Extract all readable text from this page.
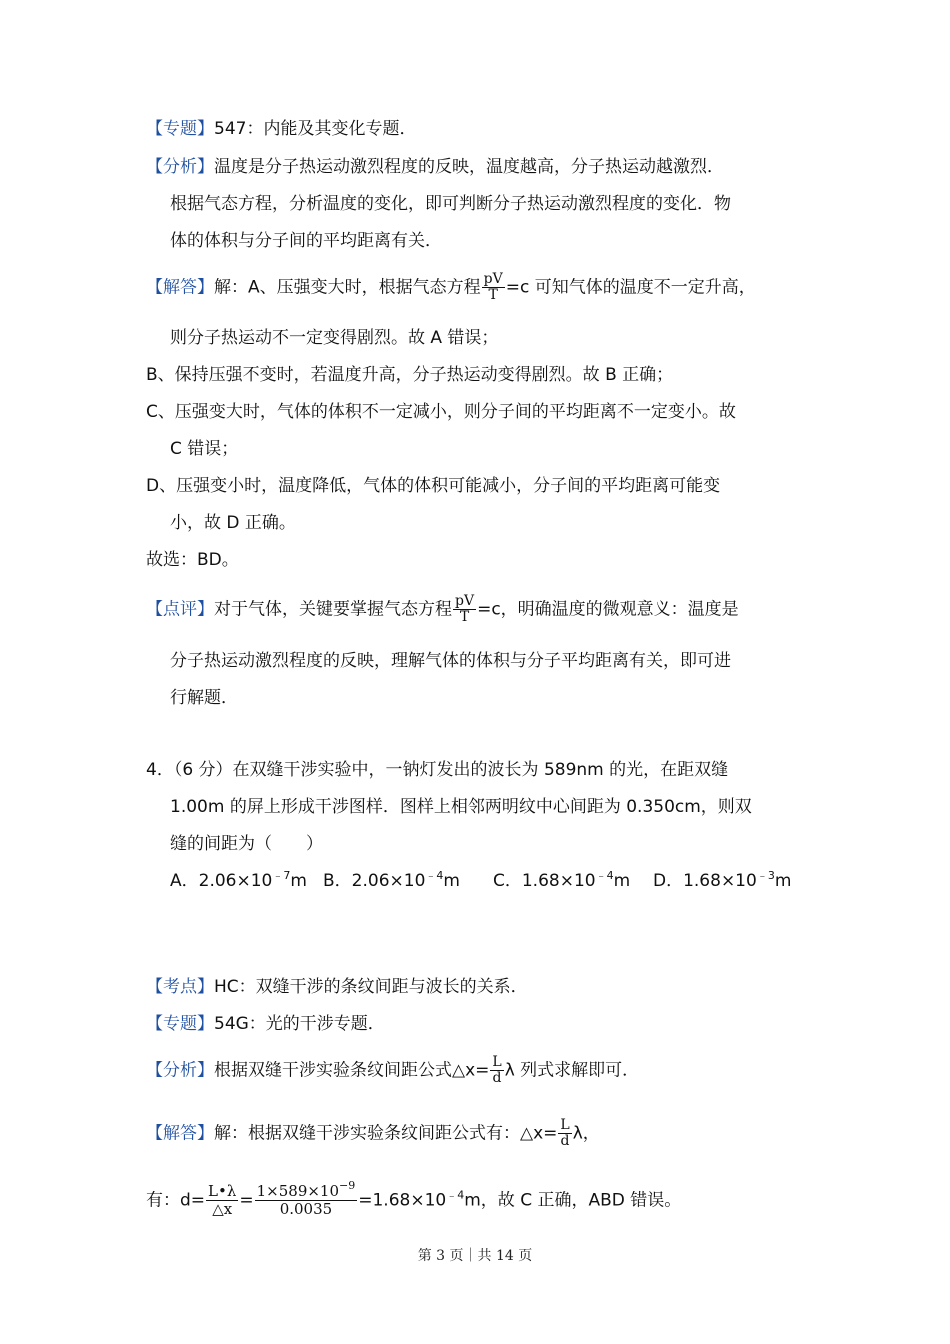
【专题】547：内能及其变化专题．
【分析】温度是分子热运动激烈程度的反映，温度越高，分子热运动越激烈．
根据气态方程，分析温度的变化，即可判断分子热运动激烈程度的变化．物
体的体积与分子间的平均距离有关．
【解答】解：A、压强变大时，根据气态方程 $\frac{pV}{T} =c$ 可知气体的温度不一定升高，
则分子热运动不一定变得剧烈。故 A 错误；
B、保持压强不变时，若温度升高，分子热运动变得剧烈。故 B 正确；
C、压强变大时，气体的体积不一定减小，则分子间的平均距离不一定变小。故
C 错误；
D、压强变小时，温度降低，气体的体积可能减小，分子间的平均距离可能变
小，故 D 正确。
故选：BD。
【点评】对于气体，关键要掌握气态方程 $\frac{pV}{T} =c$，明确温度的微观意义：温度是
分子热运动激烈程度的反映，理解气体的体积与分子平均距离有关，即可进
行解题．
4．（6 分）在双缝干涉实验中，一钠灯发出的波长为 589nm 的光，在距双缝
1.00m 的屏上形成干涉图样．图样上相邻两明纹中心间距为 0.350cm，则双
缝的间距为（　　）
A．$2.06\times 10^{﹣7}m$ B．$2.06\times 10^{﹣4}m$ C．$1.68\times 10^{﹣4}m$ D．$1.68\times 10^{﹣3}m$
【考点】HC：双缝干涉的条纹间距与波长的关系．
【专题】54G：光的干涉专题．
【分析】根据双缝干涉实验条纹间距公式△x= $\frac{L}{d}$ λ 列式求解即可．
【解答】解：根据双缝干涉实验条纹间距公式有：△x= $\frac{L}{d}$ λ，
有：$d= \frac{L•\lambda}{\triangle x} = \frac{1\times 589\times 10^{-9}}{0.0035} =1.68\times 10^{﹣4}m$，故 C 正确，ABD 错误。
第 3 页｜共 14 页
